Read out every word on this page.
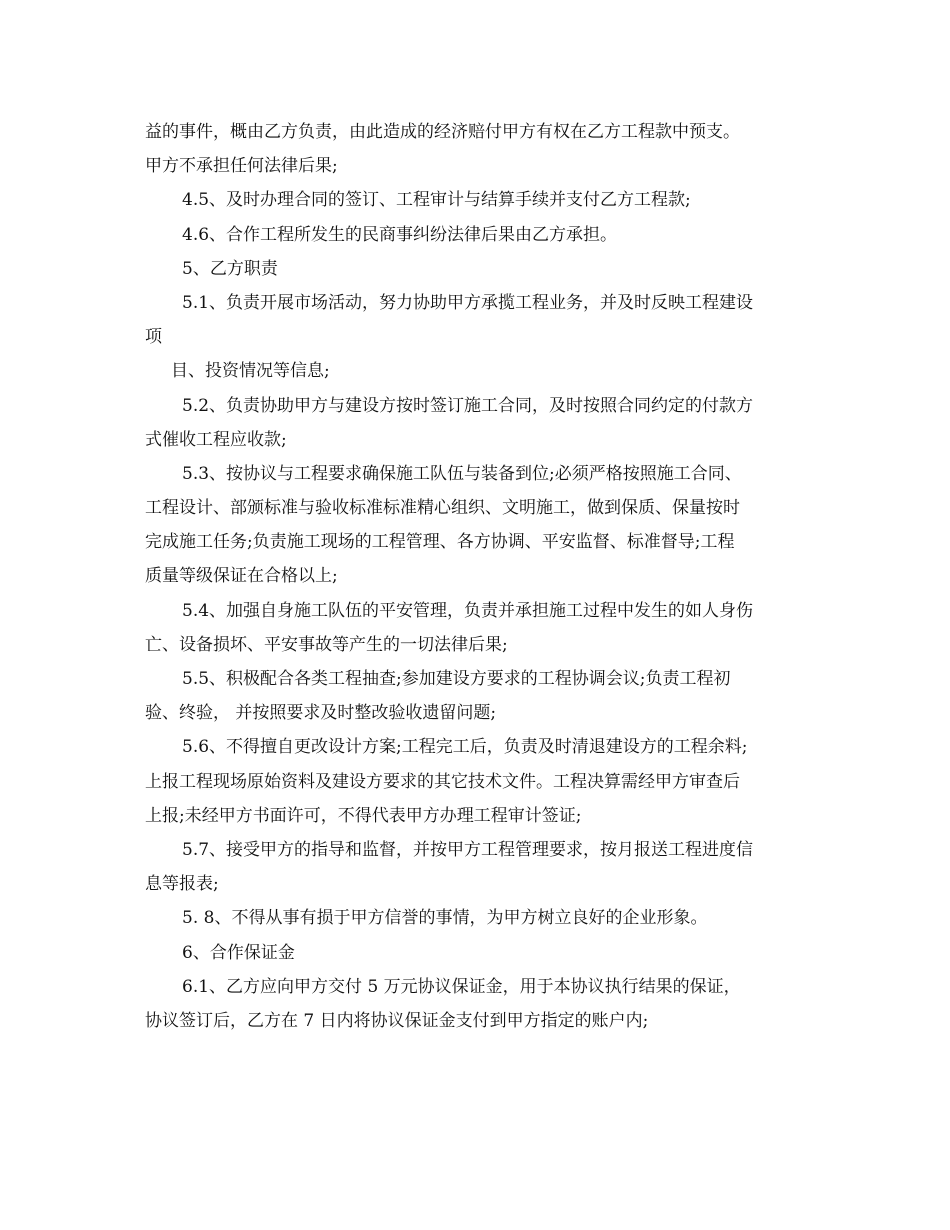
益的事件，概由乙方负责，由此造成的经济赔付甲方有权在乙方工程款中预支。
甲方不承担任何法律后果;
4.5、及时办理合同的签订、工程审计与结算手续并支付乙方工程款;
4.6、合作工程所发生的民商事纠纷法律后果由乙方承担。
5、乙方职责
5.1、负责开展市场活动，努力协助甲方承揽工程业务，并及时反映工程建设
项
目、投资情况等信息;
5.2、负责协助甲方与建设方按时签订施工合同，及时按照合同约定的付款方
式催收工程应收款;
5.3、按协议与工程要求确保施工队伍与装备到位;必须严格按照施工合同、
工程设计、部颁标准与验收标准标准精心组织、文明施工，做到保质、保量按时
完成施工任务;负责施工现场的工程管理、各方协调、平安监督、标准督导;工程
质量等级保证在合格以上;
5.4、加强自身施工队伍的平安管理，负责并承担施工过程中发生的如人身伤
亡、设备损坏、平安事故等产生的一切法律后果;
5.5、积极配合各类工程抽查;参加建设方要求的工程协调会议;负责工程初
验、终验， 并按照要求及时整改验收遗留问题;
5.6、不得擅自更改设计方案;工程完工后，负责及时清退建设方的工程余料;
上报工程现场原始资料及建设方要求的其它技术文件。工程决算需经甲方审查后
上报;未经甲方书面许可，不得代表甲方办理工程审计签证;
5.7、接受甲方的指导和监督，并按甲方工程管理要求，按月报送工程进度信
息等报表;
5. 8、不得从事有损于甲方信誉的事情，为甲方树立良好的企业形象。
6、合作保证金
6.1、乙方应向甲方交付 5 万元协议保证金，用于本协议执行结果的保证，
协议签订后，乙方在 7 日内将协议保证金支付到甲方指定的账户内;
